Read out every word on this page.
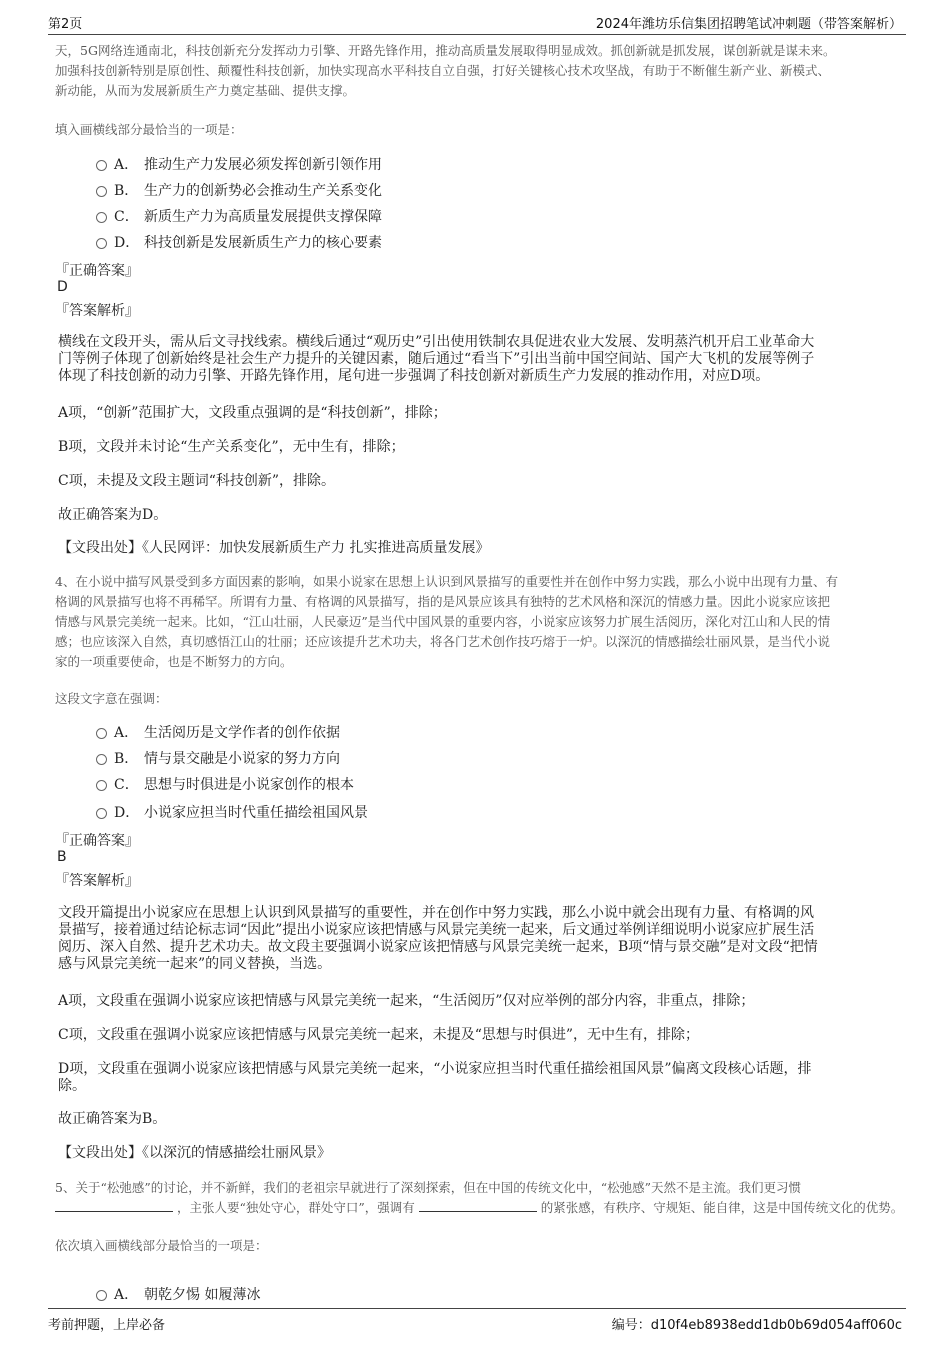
第2页	2024年潍坊乐信集团招聘笔试冲刺题（带答案解析）
天，5G网络连通南北，科技创新充分发挥动力引擎、开路先锋作用，推动高质量发展取得明显成效。抓创新就是抓发展，谋创新就是谋未来。
加强科技创新特别是原创性、颠覆性科技创新，加快实现高水平科技自立自强，打好关键核心技术攻坚战，有助于不断催生新产业、新模式、
新动能，从而为发展新质生产力奠定基础、提供支撑。
填入画横线部分最恰当的一项是：
A． 推动生产力发展必须发挥创新引领作用
B． 生产力的创新势必会推动生产关系变化
C． 新质生产力为高质量发展提供支撑保障
D． 科技创新是发展新质生产力的核心要素
『正确答案』
D
『答案解析』
横线在文段开头，需从后文寻找线索。横线后通过“观历史”引出使用铁制农具促进农业大发展、发明蒸汽机开启工业革命大
门等例子体现了创新始终是社会生产力提升的关键因素，随后通过“看当下”引出当前中国空间站、国产大飞机的发展等例子
体现了科技创新的动力引擎、开路先锋作用，尾句进一步强调了科技创新对新质生产力发展的推动作用，对应D项。
A项，“创新”范围扩大，文段重点强调的是“科技创新”，排除；
B项，文段并未讨论“生产关系变化”，无中生有，排除；
C项，未提及文段主题词“科技创新”，排除。
故正确答案为D。
【文段出处】《人民网评：加快发展新质生产力 扎实推进高质量发展》
4、在小说中描写风景受到多方面因素的影响，如果小说家在思想上认识到风景描写的重要性并在创作中努力实践，那么小说中出现有力量、有
格调的风景描写也将不再稀罕。所谓有力量、有格调的风景描写，指的是风景应该具有独特的艺术风格和深沉的情感力量。因此小说家应该把
情感与风景完美统一起来。比如，“江山壮丽，人民豪迈”是当代中国风景的重要内容，小说家应该努力扩展生活阅历，深化对江山和人民的情
感；也应该深入自然，真切感悟江山的壮丽；还应该提升艺术功夫，将各门艺术创作技巧熔于一炉。以深沉的情感描绘壮丽风景，是当代小说
家的一项重要使命，也是不断努力的方向。
这段文字意在强调：
A． 生活阅历是文学作者的创作依据
B． 情与景交融是小说家的努力方向
C． 思想与时俱进是小说家创作的根本
D． 小说家应担当时代重任描绘祖国风景
『正确答案』
B
『答案解析』
文段开篇提出小说家应在思想上认识到风景描写的重要性，并在创作中努力实践，那么小说中就会出现有力量、有格调的风
景描写，接着通过结论标志词“因此”提出小说家应该把情感与风景完美统一起来，后文通过举例详细说明小说家应扩展生活
阅历、深入自然、提升艺术功夫。故文段主要强调小说家应该把情感与风景完美统一起来，B项“情与景交融”是对文段“把情
感与风景完美统一起来”的同义替换，当选。
A项，文段重在强调小说家应该把情感与风景完美统一起来，“生活阅历”仅对应举例的部分内容，非重点，排除；
C项，文段重在强调小说家应该把情感与风景完美统一起来，未提及“思想与时俱进”，无中生有，排除；
D项，文段重在强调小说家应该把情感与风景完美统一起来，“小说家应担当时代重任描绘祖国风景”偏离文段核心话题，排
除。
故正确答案为B。
【文段出处】《以深沉的情感描绘壮丽风景》
5、关于“松弛感”的讨论，并不新鲜，我们的老祖宗早就进行了深刻探索，但在中国的传统文化中，“松弛感”天然不是主流。我们更习惯
，主张人要“独处守心，群处守口”，强调有	的紧张感，有秩序、守规矩、能自律，这是中国传统文化的优势。
依次填入画横线部分最恰当的一项是：
A． 朝乾夕惕 如履薄冰
考前押题，上岸必备	编号：d10f4eb8938edd1db0b69d054aff060c
